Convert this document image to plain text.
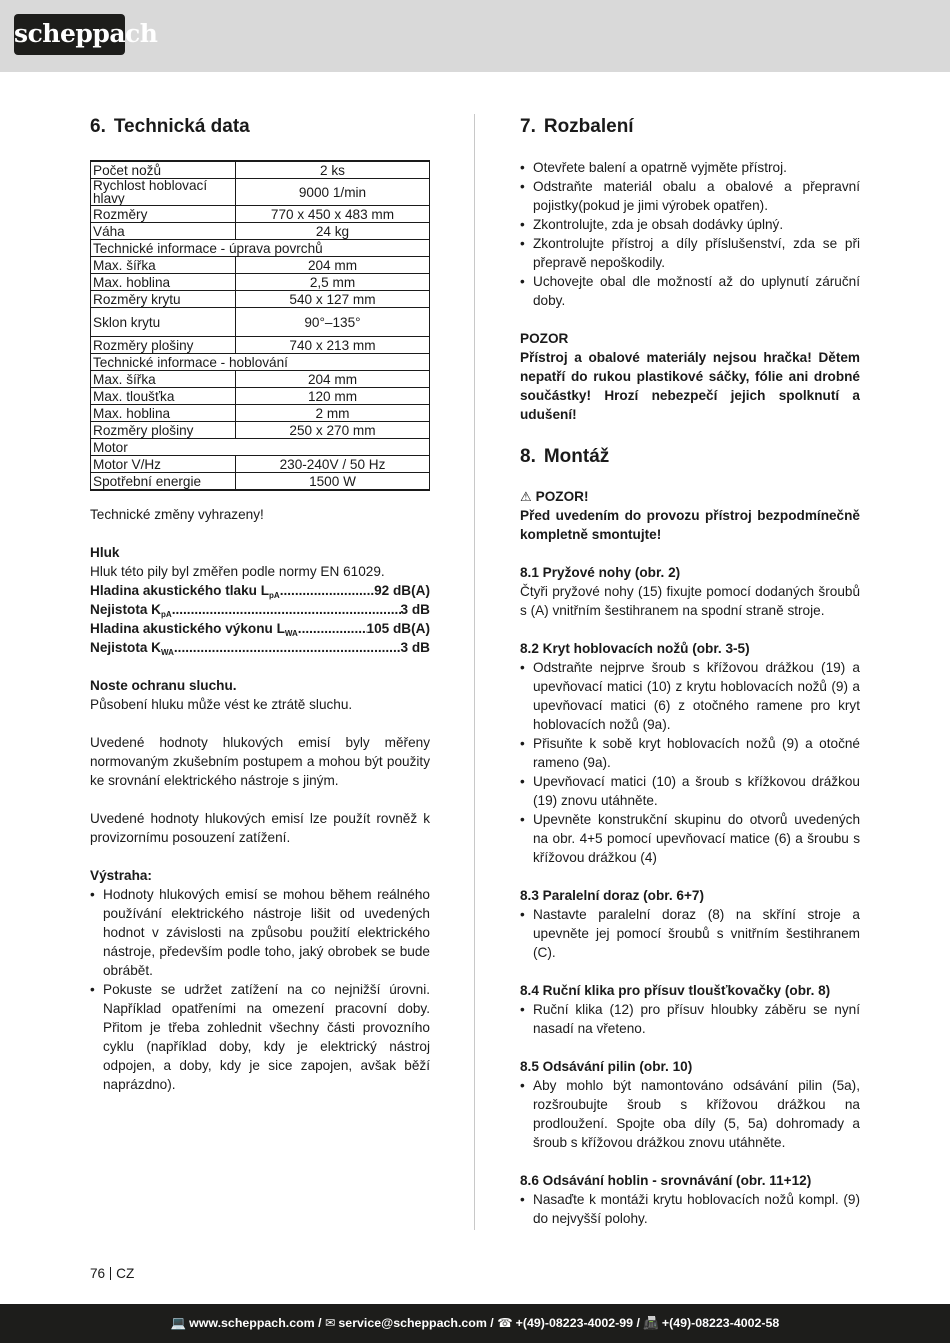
scheppach
6. Technická data
Počet nožů	2 ks
Rychlost hoblovací hlavy	9000 1/min
Rozměry	770 x 450 x 483 mm
Váha	24 kg
Technické informace - úprava povrchů	
Max. šířka	204 mm
Max. hoblina	2,5 mm
Rozměry krytu	540 x 127 mm
Sklon krytu	90°–135°
Rozměry plošiny	740 x 213 mm
Technické informace - hoblování	
Max. šířka	204 mm
Max. tloušťka	120 mm
Max. hoblina	2 mm
Rozměry plošiny	250 x 270 mm
Motor	
Motor V/Hz	230-240V / 50 Hz
Spotřební energie	1500 W

Technické změny vyhrazeny!

Hluk

Hluk této pily byl změřen podle normy EN 61029.

Hladina akustického tlaku $L_{pA}$ .....	92 dB(A)
Nejistota $K_{pA}$ .....	3 dB
Hladina akustického výkonu $L_{WA}$ .....	105 dB(A)
Nejistota $K_{WA}$ .....	3 dB

Noste ochranu sluchu.

Působení hluku může vést ke ztrátě sluchu.

Uvedené hodnoty hlukových emisí byly měřeny normovaným zkušebním postupem a mohou být použity ke srovnání elektrického nástroje s jiným.

Uvedené hodnoty hlukových emisí lze použít rovněž k provizornímu posouzení zatížení.

Výstraha:

• Hodnoty hlukových emisí se mohou během reálného používání elektrického nástroje lišit od uvedených hodnot v závislosti na způsobu použití elektrického nástroje, především podle toho, jaký obrobek se bude obrábět.
• Pokuste se udržet zatížení na co nejnižší úrovni. Například opatřeními na omezení pracovní doby. Přitom je třeba zohlednit všechny části provozního cyklu (například doby, kdy je elektrický nástroj odpojen, a doby, kdy je sice zapojen, avšak běží naprázdno).
7. Rozbalení
• Otevřete balení a opatrně vyjměte přístroj.
• Odstraňte materiál obalu a obalové a přepravní pojistky(pokud je jimi výrobek opatřen).
• Zkontrolujte, zda je obsah dodávky úplný.
• Zkontrolujte přístroj a díly příslušenství, zda se při přepravě nepoškodily.
• Uchovejte obal dle možností až do uplynutí záruční doby.

POZOR

Přístroj a obalové materiály nejsou hračka! Dětem nepatří do rukou plastikové sáčky, fólie ani drobné součástky! Hrozí nebezpečí jejich spolknutí a udušení!

8. Montáž

⚠ POZOR!

Před uvedením do provozu přístroj bezpodmínečně kompletně smontujte!

8.1 Pryžové nohy (obr. 2)

Čtyři pryžové nohy (15) fixujte pomocí dodaných šroubů s (A) vnitřním šestihranem na spodní straně stroje.

8.2 Kryt hoblovacích nožů (obr. 3-5)

• Odstraňte nejprve šroub s křížovou drážkou (19) a upevňovací matici (10) z krytu hoblovacích nožů (9) a upevňovací matici (6) z otočného ramene pro kryt hoblovacích nožů (9a).
• Přisuňte k sobě kryt hoblovacích nožů (9) a otočné rameno (9a).
• Upevňovací matici (10) a šroub s křížkovou drážkou (19) znovu utáhněte.
• Upevněte konstrukční skupinu do otvorů uvedených na obr. 4+5 pomocí upevňovací matice (6) a šroubu s křížovou drážkou (4)

8.3 Paralelní doraz (obr. 6+7)

• Nastavte paralelní doraz (8) na skříní stroje a upevněte jej pomocí šroubů s vnitřním šestihranem (C).

8.4 Ruční klika pro přísuv tloušťkovačky (obr. 8)

• Ruční klika (12) pro přísuv hloubky záběru se nyní nasadí na vřeteno.

8.5 Odsávání pilin (obr. 10)

• Aby mohlo být namontováno odsávání pilin (5a), rozšroubujte šroub s křížovou drážkou na prodloužení. Spojte oba díly (5, 5a) dohromady a šroub s křížovou drážkou znovu utáhněte.

8.6 Odsávání hoblin - srovnávání (obr. 11+12)

• Nasaďte k montáži krytu hoblovacích nožů kompl. (9) do nejvyšší polohy.
76 CZ
💻 www.scheppach.com / ✉ service@scheppach.com / ☎ +(49)-08223-4002-99 / 📠 +(49)-08223-4002-58
